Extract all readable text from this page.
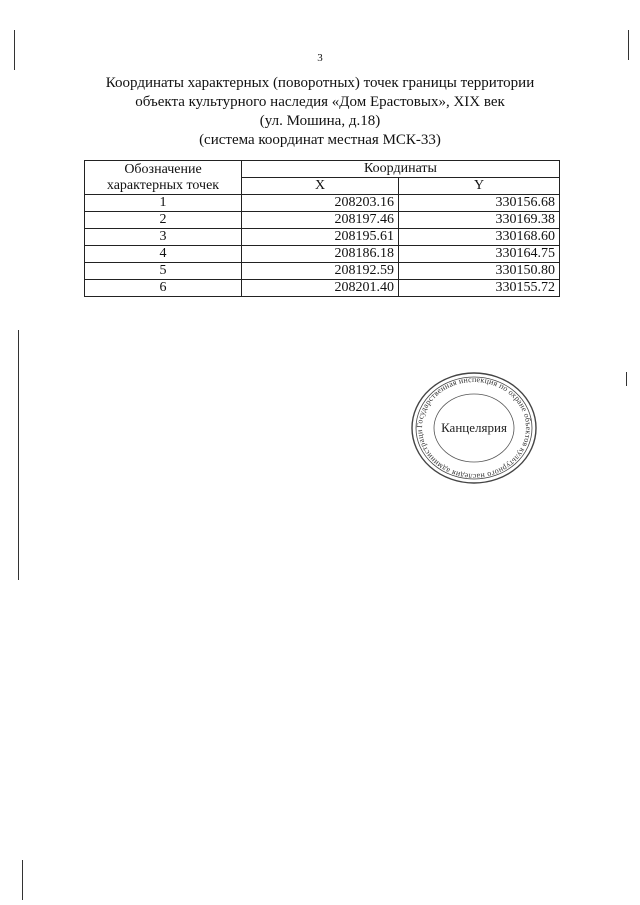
3
Координаты характерных (поворотных) точек границы территории
объекта культурного наследия «Дом Ерастовых», XIX век
(ул. Мошина, д.18)
(система координат местная МСК-33)
Обозначение
характерных точек	Координаты	
	X	Y
1	208203.16	330156.68
2	208197.46	330169.38
3	208195.61	330168.60
4	208186.18	330164.75
5	208192.59	330150.80
6	208201.40	330155.72
Государственная инспекция по охране объектов культурного наследия администраци	Канцелярия
